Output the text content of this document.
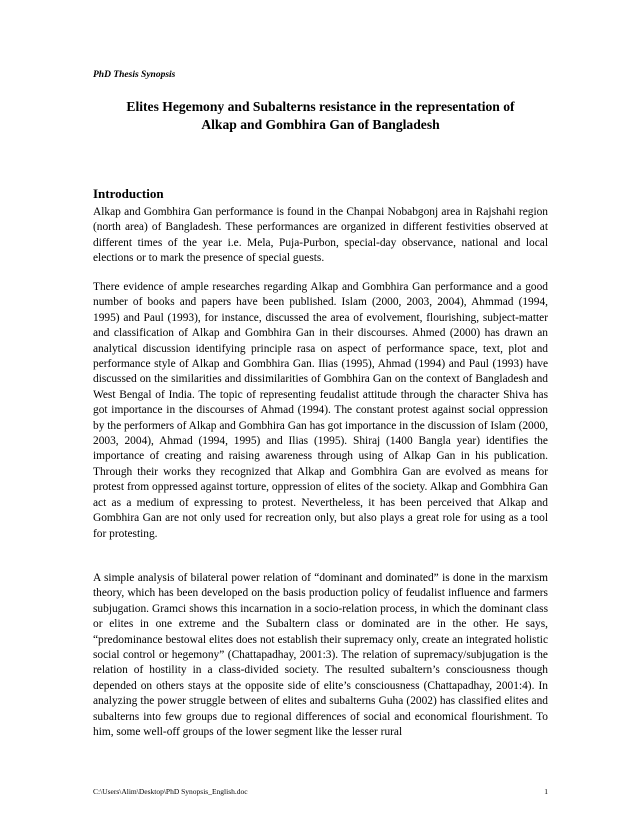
PhD Thesis Synopsis
Elites Hegemony and Subalterns resistance in the representation of
Alkap and Gombhira Gan of Bangladesh
Introduction

Alkap and Gombhira Gan performance is found in the Chanpai Nobabgonj area in Rajshahi region (north area) of Bangladesh. These performances are organized in different festivities observed at different times of the year i.e. Mela, Puja-Purbon, special-day observance, national and local elections or to mark the presence of special guests.

There evidence of ample researches regarding Alkap and Gombhira Gan performance and a good number of books and papers have been published. Islam (2000, 2003, 2004), Ahmmad (1994, 1995) and Paul (1993), for instance, discussed the area of evolvement, flourishing, subject-matter and classification of Alkap and Gombhira Gan in their discourses. Ahmed (2000) has drawn an analytical discussion identifying principle rasa on aspect of performance space, text, plot and performance style of Alkap and Gombhira Gan. Ilias (1995), Ahmad (1994) and Paul (1993) have discussed on the similarities and dissimilarities of Gombhira Gan on the context of Bangladesh and West Bengal of India. The topic of representing feudalist attitude through the character Shiva has got importance in the discourses of Ahmad (1994). The constant protest against social oppression by the performers of Alkap and Gombhira Gan has got importance in the discussion of Islam (2000, 2003, 2004), Ahmad (1994, 1995) and Ilias (1995). Shiraj (1400 Bangla year) identifies the importance of creating and raising awareness through using of Alkap Gan in his publication. Through their works they recognized that Alkap and Gombhira Gan are evolved as means for protest from oppressed against torture, oppression of elites of the society. Alkap and Gombhira Gan act as a medium of expressing to protest. Nevertheless, it has been perceived that Alkap and Gombhira Gan are not only used for recreation only, but also plays a great role for using as a tool for protesting.

A simple analysis of bilateral power relation of “dominant and dominated” is done in the marxism theory, which has been developed on the basis production policy of feudalist influence and farmers subjugation. Gramci shows this incarnation in a socio-relation process, in which the dominant class or elites in one extreme and the Subaltern class or dominated are in the other. He says, “predominance bestowal elites does not establish their supremacy only, create an integrated holistic social control or hegemony” (Chattapadhay, 2001:3). The relation of supremacy/subjugation is the relation of hostility in a class-divided society. The resulted subaltern’s consciousness though depended on others stays at the opposite side of elite’s consciousness (Chattapadhay, 2001:4). In analyzing the power struggle between of elites and subalterns Guha (2002) has classified elites and subalterns into few groups due to regional differences of social and economical flourishment. To him, some well-off groups of the lower segment like the lesser rural

C:\Users\Alim\Desktop\PhD Synopsis_English.doc	1
